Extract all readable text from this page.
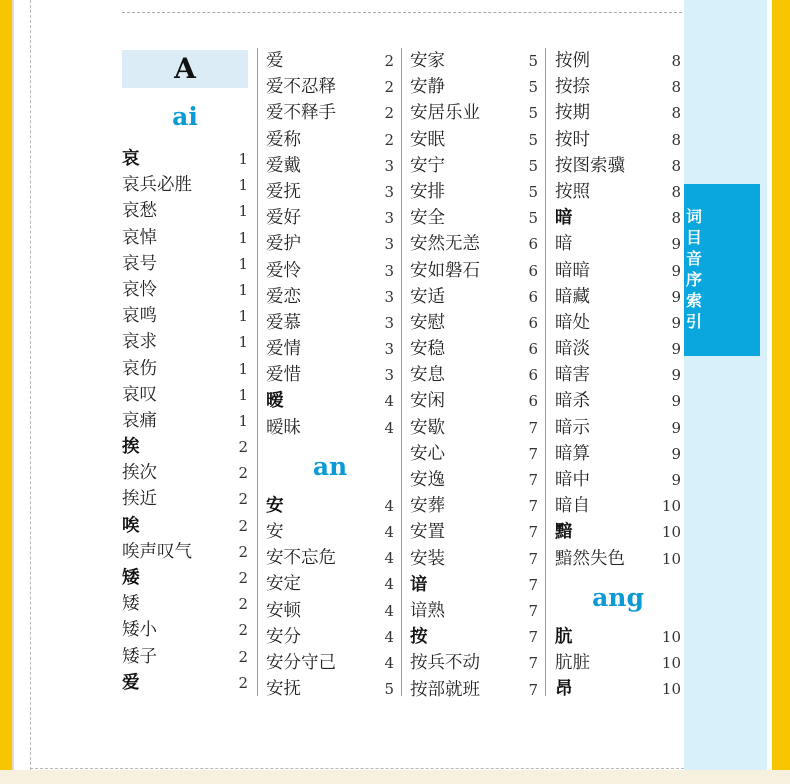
词目音序索引
A
ai
哀	1
哀兵必胜	1
哀愁	1
哀悼	1
哀号	1
哀怜	1
哀鸣	1
哀求	1
哀伤	1
哀叹	1
哀痛	1
挨	2
挨次	2
挨近	2
唉	2
唉声叹气	2
矮	2
矮	2
矮小	2
矮子	2
爱	2
爱	2
爱不忍释	2
爱不释手	2
爱称	2
爱戴	3
爱抚	3
爱好	3
爱护	3
爱怜	3
爱恋	3
爱慕	3
爱情	3
爱惜	3
暧	4
暧昧	4
an
安	4
安	4
安不忘危	4
安定	4
安顿	4
安分	4
安分守己	4
安抚	5
安家	5
安静	5
安居乐业	5
安眠	5
安宁	5
安排	5
安全	5
安然无恙	6
安如磐石	6
安适	6
安慰	6
安稳	6
安息	6
安闲	6
安歇	7
安心	7
安逸	7
安葬	7
安置	7
安装	7
谙	7
谙熟	7
按	7
按兵不动	7
按部就班	7
按例	8
按捺	8
按期	8
按时	8
按图索骥	8
按照	8
暗	8
暗	9
暗暗	9
暗藏	9
暗处	9
暗淡	9
暗害	9
暗杀	9
暗示	9
暗算	9
暗中	9
暗自	10
黯	10
黯然失色 10
ang
肮	10
肮脏	10
昂	10
